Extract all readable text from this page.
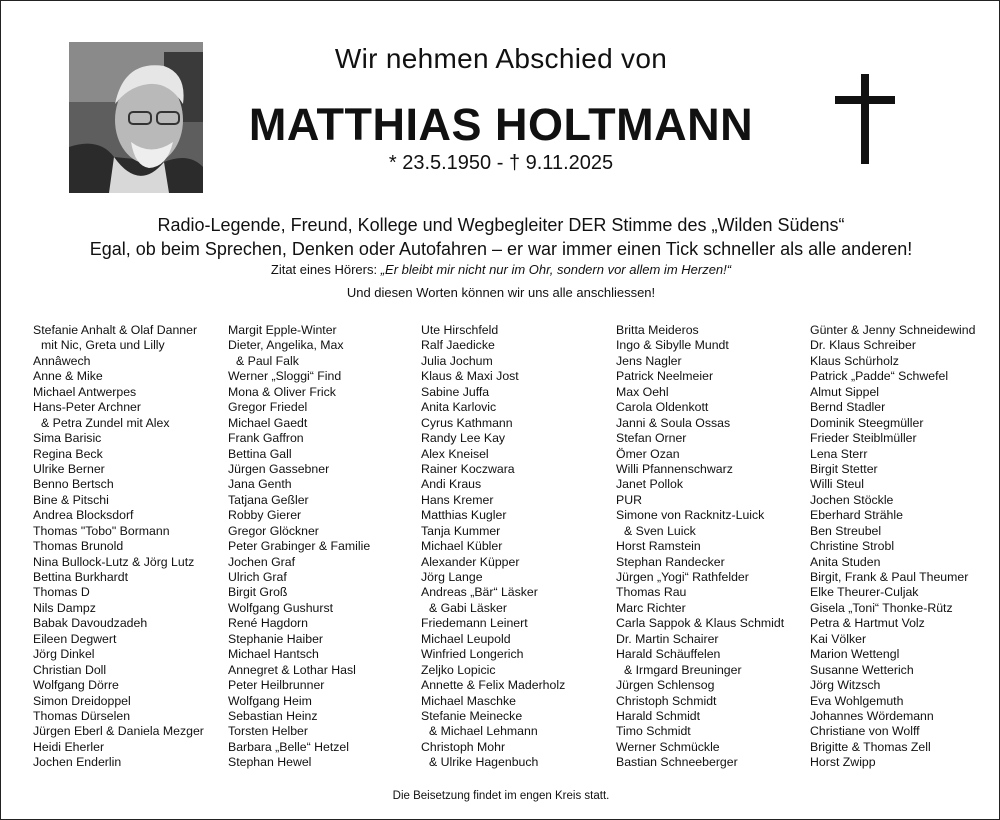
Wir nehmen Abschied von
MATTHIAS HOLTMANN
* 23.5.1950 - † 9.11.2025
Radio-Legende, Freund, Kollege und Wegbegleiter DER Stimme des „Wilden Südens“
Egal, ob beim Sprechen, Denken oder Autofahren – er war immer einen Tick schneller als alle anderen!
Zitat eines Hörers: „Er bleibt mir nicht nur im Ohr, sondern vor allem im Herzen!“
Und diesen Worten können wir uns alle anschliessen!
Stefanie Anhalt & Olaf Danner
mit Nic, Greta und Lilly
Annâwech
Anne & Mike
Michael Antwerpes
Hans-Peter Archner
& Petra Zundel mit Alex
Sima Barisic
Regina Beck
Ulrike Berner
Benno Bertsch
Bine & Pitschi
Andrea Blocksdorf
Thomas "Tobo" Bormann
Thomas Brunold
Nina Bullock-Lutz & Jörg Lutz
Bettina Burkhardt
Thomas D
Nils Dampz
Babak Davoudzadeh
Eileen Degwert
Jörg Dinkel
Christian Doll
Wolfgang Dörre
Simon Dreidoppel
Thomas Dürselen
Jürgen Eberl & Daniela Mezger
Heidi Eherler
Jochen Enderlin
Margit Epple-Winter
Dieter, Angelika, Max
& Paul Falk
Werner „Sloggi“ Find
Mona & Oliver Frick
Gregor Friedel
Michael Gaedt
Frank Gaffron
Bettina Gall
Jürgen Gassebner
Jana Genth
Tatjana Geßler
Robby Gierer
Gregor Glöckner
Peter Grabinger & Familie
Jochen Graf
Ulrich Graf
Birgit Groß
Wolfgang Gushurst
René Hagdorn
Stephanie Haiber
Michael Hantsch
Annegret & Lothar Hasl
Peter Heilbrunner
Wolfgang Heim
Sebastian Heinz
Torsten Helber
Barbara „Belle“ Hetzel
Stephan Hewel
Ute Hirschfeld
Ralf Jaedicke
Julia Jochum
Klaus & Maxi Jost
Sabine Juffa
Anita Karlovic
Cyrus Kathmann
Randy Lee Kay
Alex Kneisel
Rainer Koczwara
Andi Kraus
Hans Kremer
Matthias Kugler
Tanja Kummer
Michael Kübler
Alexander Küpper
Jörg Lange
Andreas „Bär“ Läsker
& Gabi Läsker
Friedemann Leinert
Michael Leupold
Winfried Longerich
Zeljko Lopicic
Annette & Felix Maderholz
Michael Maschke
Stefanie Meinecke
& Michael Lehmann
Christoph Mohr
& Ulrike Hagenbuch
Britta Meideros
Ingo & Sibylle Mundt
Jens Nagler
Patrick Neelmeier
Max Oehl
Carola Oldenkott
Janni & Soula Ossas
Stefan Orner
Ömer Ozan
Willi Pfannenschwarz
Janet Pollok
PUR
Simone von Racknitz-Luick
& Sven Luick
Horst Ramstein
Stephan Randecker
Jürgen „Yogi“ Rathfelder
Thomas Rau
Marc Richter
Carla Sappok & Klaus Schmidt
Dr. Martin Schairer
Harald Schäuffelen
& Irmgard Breuninger
Jürgen Schlensog
Christoph Schmidt
Harald Schmidt
Timo Schmidt
Werner Schmückle
Bastian Schneeberger
Günter & Jenny Schneidewind
Dr. Klaus Schreiber
Klaus Schürholz
Patrick „Padde“ Schwefel
Almut Sippel
Bernd Stadler
Dominik Steegmüller
Frieder Steiblmüller
Lena Sterr
Birgit Stetter
Willi Steul
Jochen Stöckle
Eberhard Strähle
Ben Streubel
Christine Strobl
Anita Studen
Birgit, Frank & Paul Theumer
Elke Theurer-Culjak
Gisela „Toni“ Thonke-Rütz
Petra & Hartmut Volz
Kai Völker
Marion Wettengl
Susanne Wetterich
Jörg Witzsch
Eva Wohlgemuth
Johannes Wördemann
Christiane von Wolff
Brigitte & Thomas Zell
Horst Zwipp
Die Beisetzung findet im engen Kreis statt.
